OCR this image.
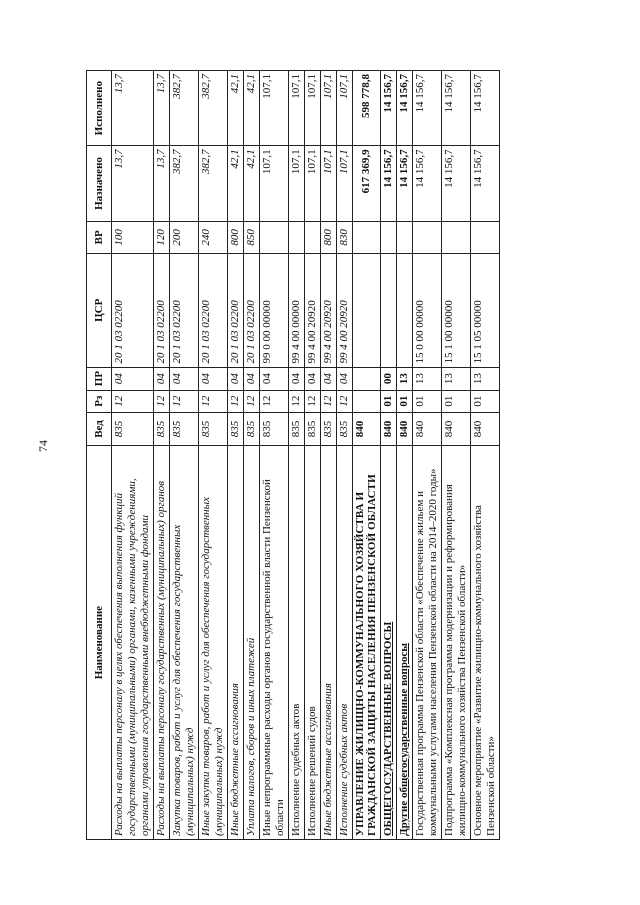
74
Наименование	Вед	Рз	ПР	ЦСР	ВР	Назначено	Исполнено
Расходы на выплаты персоналу в целях обеспечения выполнения функций государственными (муниципальными) органами, казенными учреждениями, органами управления государственными внебюджетными фондами	835	12	04	20 1 03 02200	100	13,7	13,7
Расходы на выплаты персоналу государственных (муниципальных) органов	835	12	04	20 1 03 02200	120	13,7	13,7
Закупка товаров, работ и услуг для обеспечения государственных (муниципальных) нужд	835	12	04	20 1 03 02200	200	382,7	382,7
Иные закупки товаров, работ и услуг для обеспечения государственных (муниципальных) нужд	835	12	04	20 1 03 02200	240	382,7	382,7
Иные бюджетные ассигнования	835	12	04	20 1 03 02200	800	42,1	42,1
Уплата налогов, сборов и иных платежей	835	12	04	20 1 03 02200	850	42,1	42,1
Иные непрограммные расходы органов государственной власти Пензенской области	835	12	04	99 0 00 00000		107,1	107,1
Исполнение судебных актов	835	12	04	99 4 00 00000		107,1	107,1
Исполнение решений судов	835	12	04	99 4 00 20920		107,1	107,1
Иные бюджетные ассигнования	835	12	04	99 4 00 20920	800	107,1	107,1
Исполнение судебных актов	835	12	04	99 4 00 20920	830	107,1	107,1
УПРАВЛЕНИЕ ЖИЛИЩНО-КОММУНАЛЬНОГО ХОЗЯЙСТВА И ГРАЖДАНСКОЙ ЗАЩИТЫ НАСЕЛЕНИЯ ПЕНЗЕНСКОЙ ОБЛАСТИ	840					617 369,9	598 778,8
ОБЩЕГОСУДАРСТВЕННЫЕ ВОПРОСЫ	840	01	00			14 156,7	14 156,7
Другие общегосударственные вопросы	840	01	13			14 156,7	14 156,7
Государственная программа Пензенской области «Обеспечение жильем и коммунальными услугами населения Пензенской области на 2014–2020 годы»	840	01	13	15 0 00 00000		14 156,7	14 156,7
Подпрограмма «Комплексная программа модернизации и реформирования жилищно-коммунального хозяйства Пензенской области»	840	01	13	15 1 00 00000		14 156,7	14 156,7
Основное мероприятие «Развитие жилищно-коммунального хозяйства Пензенской области»	840	01	13	15 1 05 00000		14 156,7	14 156,7
